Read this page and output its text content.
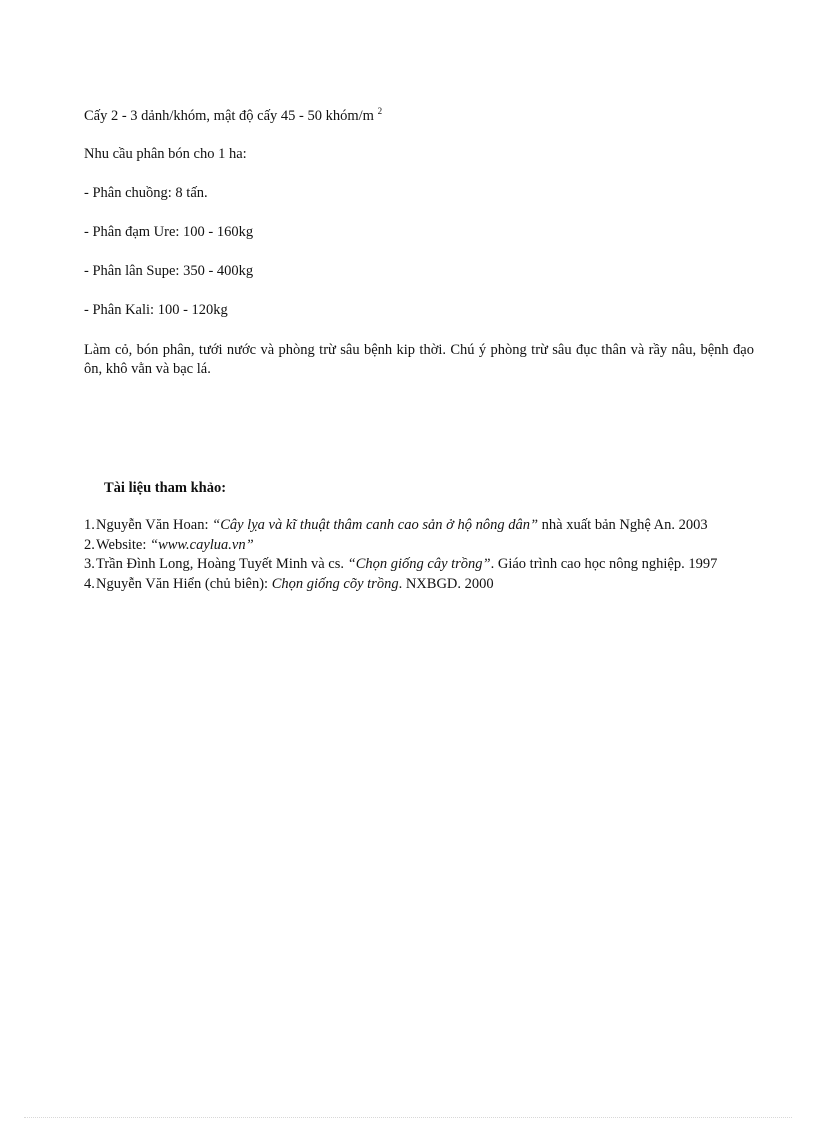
Cấy 2 - 3 dảnh/khóm, mật độ cấy 45 - 50 khóm/m $^2$
Nhu cầu phân bón cho 1 ha:
- Phân chuồng: 8 tấn.
- Phân đạm Ure: 100 - 160kg
- Phân lân Supe: 350 - 400kg
- Phân Kali: 100 - 120kg
Làm cỏ, bón phân, tưới nước và phòng trừ sâu bệnh kip thời. Chú ý phòng trừ sâu đục thân và rầy nâu, bệnh đạo ôn, khô vằn và bạc lá.
Tài liệu tham khảo:
1. Nguyễn Văn Hoan: “Cây lỵa và kĩ thuật thâm canh cao sản ở hộ nông dân” nhà xuất bản Nghệ An. 2003
2. Website: “www.caylua.vn”
3. Trần Đình Long, Hoàng Tuyết Minh và cs. “Chọn giống cây trồng”. Giáo trình cao học nông nghiệp. 1997
4. Nguyễn Văn Hiển (chủ biên): Chọn giống cõy trồng. NXBGD. 2000
